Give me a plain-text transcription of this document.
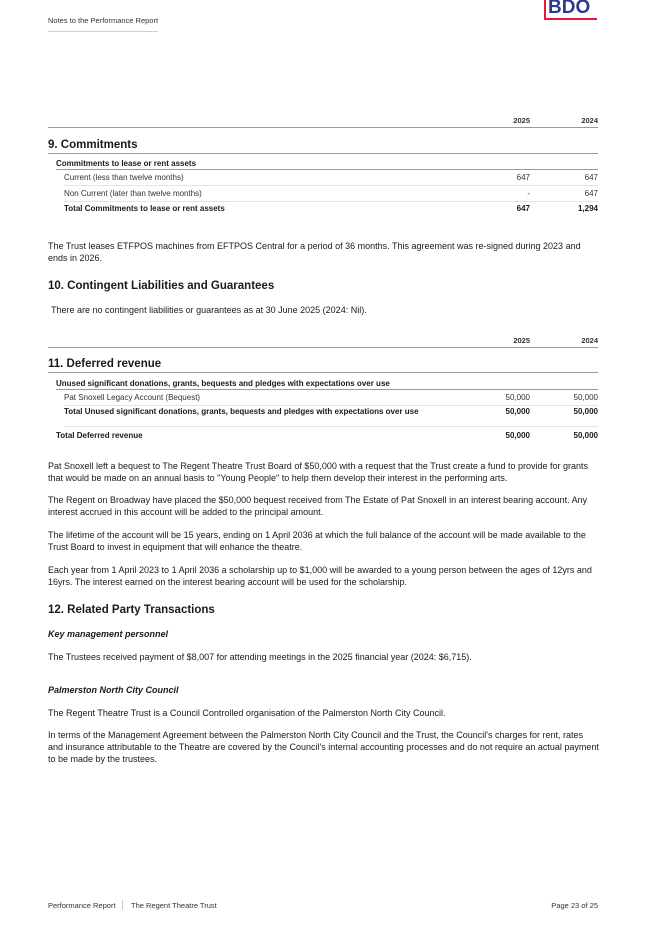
Notes to the Performance Report
BDO
2025	2024
9. Commitments
Commitments to lease or rent assets
Current (less than twelve months)	647	647
Non Current (later than twelve months)	-	647
Total Commitments to lease or rent assets	647	1,294
The Trust leases ETFPOS machines from EFTPOS Central for a period of 36 months. This agreement was re-signed during 2023 and ends in 2026.
10. Contingent Liabilities and Guarantees
There are no contingent liabilities or guarantees as at 30 June 2025 (2024: Nil).
2025	2024
11. Deferred revenue
Unused significant donations, grants, bequests and pledges with expectations over use
Pat Snoxell Legacy Account (Bequest)	50,000	50,000
Total Unused significant donations, grants, bequests and pledges with expectations over use	50,000	50,000
Total Deferred revenue	50,000	50,000
Pat Snoxell left a bequest to The Regent Theatre Trust Board of $50,000 with a request that the Trust create a fund to provide for grants that would be made on an annual basis to "Young People" to help them develop their interest in the performing arts.
The Regent on Broadway have placed the $50,000 bequest received from The Estate of Pat Snoxell in an interest bearing account. Any interest accrued in this account will be added to the principal amount.
The lifetime of the account will be 15 years, ending on 1 April 2036 at which the full balance of the account will be made available to the Trust Board to invest in equipment that will enhance the theatre.
Each year from 1 April 2023 to 1 April 2036 a scholarship up to $1,000 will be awarded to a young person between the ages of 12yrs and 16yrs. The interest earned on the interest bearing account will be used for the scholarship.
12. Related Party Transactions
Key management personnel
The Trustees received payment of $8,007 for attending meetings in the 2025 financial year (2024: $6,715).
Palmerston North City Council
The Regent Theatre Trust is a Council Controlled organisation of the Palmerston North City Council.
In terms of the Management Agreement between the Palmerston North City Council and the Trust, the Council's charges for rent, rates and insurance attributable to the Theatre are covered by the Council's internal accounting processes and do not require an actual payment to be made by the trustees.
Performance Report The Regent Theatre Trust	Page 23 of 25
